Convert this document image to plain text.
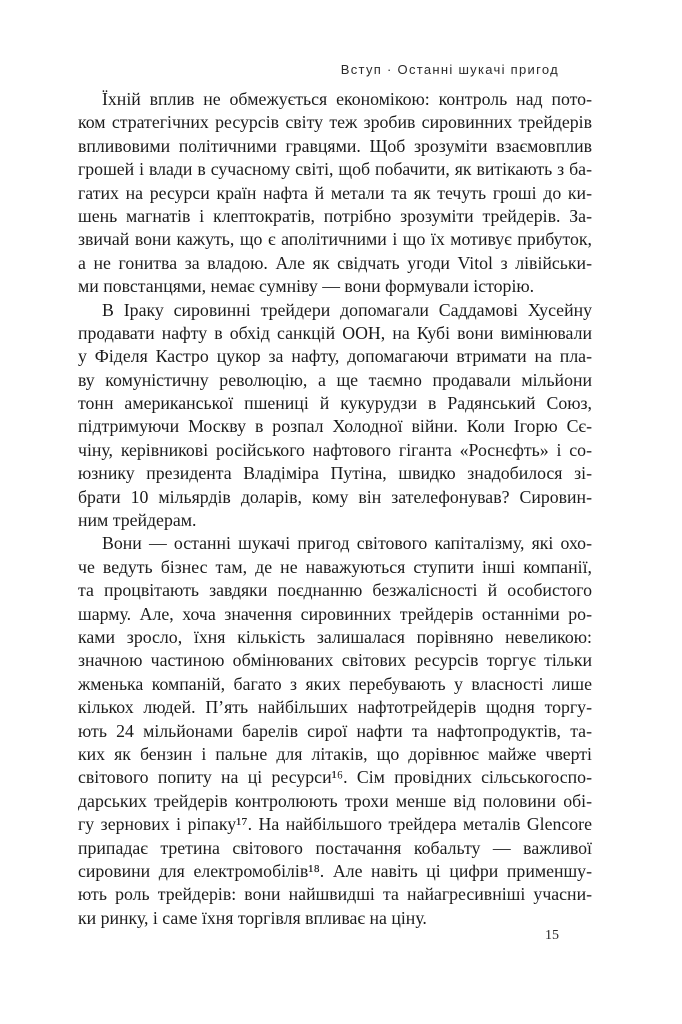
Вступ · Останні шукачі пригод
Їхній вплив не обмежується економікою: контроль над пото-
ком стратегічних ресурсів світу теж зробив сировинних трейдерів
впливовими політичними гравцями. Щоб зрозуміти взаємовплив
грошей і влади в сучасному світі, щоб побачити, як витікають з ба-
гатих на ресурси країн нафта й метали та як течуть гроші до ки-
шень магнатів і клептократів, потрібно зрозуміти трейдерів. За-
звичай вони кажуть, що є аполітичними і що їх мотивує прибуток,
а не гонитва за владою. Але як свідчать угоди Vitol з лівійськи-
ми повстанцями, немає сумніву — вони формували історію.
В Іраку сировинні трейдери допомагали Саддамові Хусейну
продавати нафту в обхід санкцій ООН, на Кубі вони вимінювали
у Фіделя Кастро цукор за нафту, допомагаючи втримати на пла-
ву комуністичну революцію, а ще таємно продавали мільйони
тонн американської пшениці й кукурудзи в Радянський Союз,
підтримуючи Москву в розпал Холодної війни. Коли Ігорю Сє-
чіну, керівникові російського нафтового гіганта «Роснєфть» і со-
юзнику президента Владіміра Путіна, швидко знадобилося зі-
брати 10 мільярдів доларів, кому він зателефонував? Сировин-
ним трейдерам.
Вони — останні шукачі пригод світового капіталізму, які охо-
че ведуть бізнес там, де не наважуються ступити інші компанії,
та процвітають завдяки поєднанню безжалісності й особистого
шарму. Але, хоча значення сировинних трейдерів останніми ро-
ками зросло, їхня кількість залишалася порівняно невеликою:
значною частиною обмінюваних світових ресурсів торгує тільки
жменька компаній, багато з яких перебувають у власності лише
кількох людей. П’ять найбільших нафтотрейдерів щодня торгу-
ють 24 мільйонами барелів сирої нафти та нафтопродуктів, та-
ких як бензин і пальне для літаків, що дорівнює майже чверті
світового попиту на ці ресурси¹⁶. Сім провідних сільськогоспо-
дарських трейдерів контролюють трохи менше від половини обі-
гу зернових і ріпаку¹⁷. На найбільшого трейдера металів Glencore
припадає третина світового постачання кобальту — важливої
сировини для електромобілів¹⁸. Але навіть ці цифри применшу-
ють роль трейдерів: вони найшвидші та найагресивніші учасни-
ки ринку, і саме їхня торгівля впливає на ціну.
15
